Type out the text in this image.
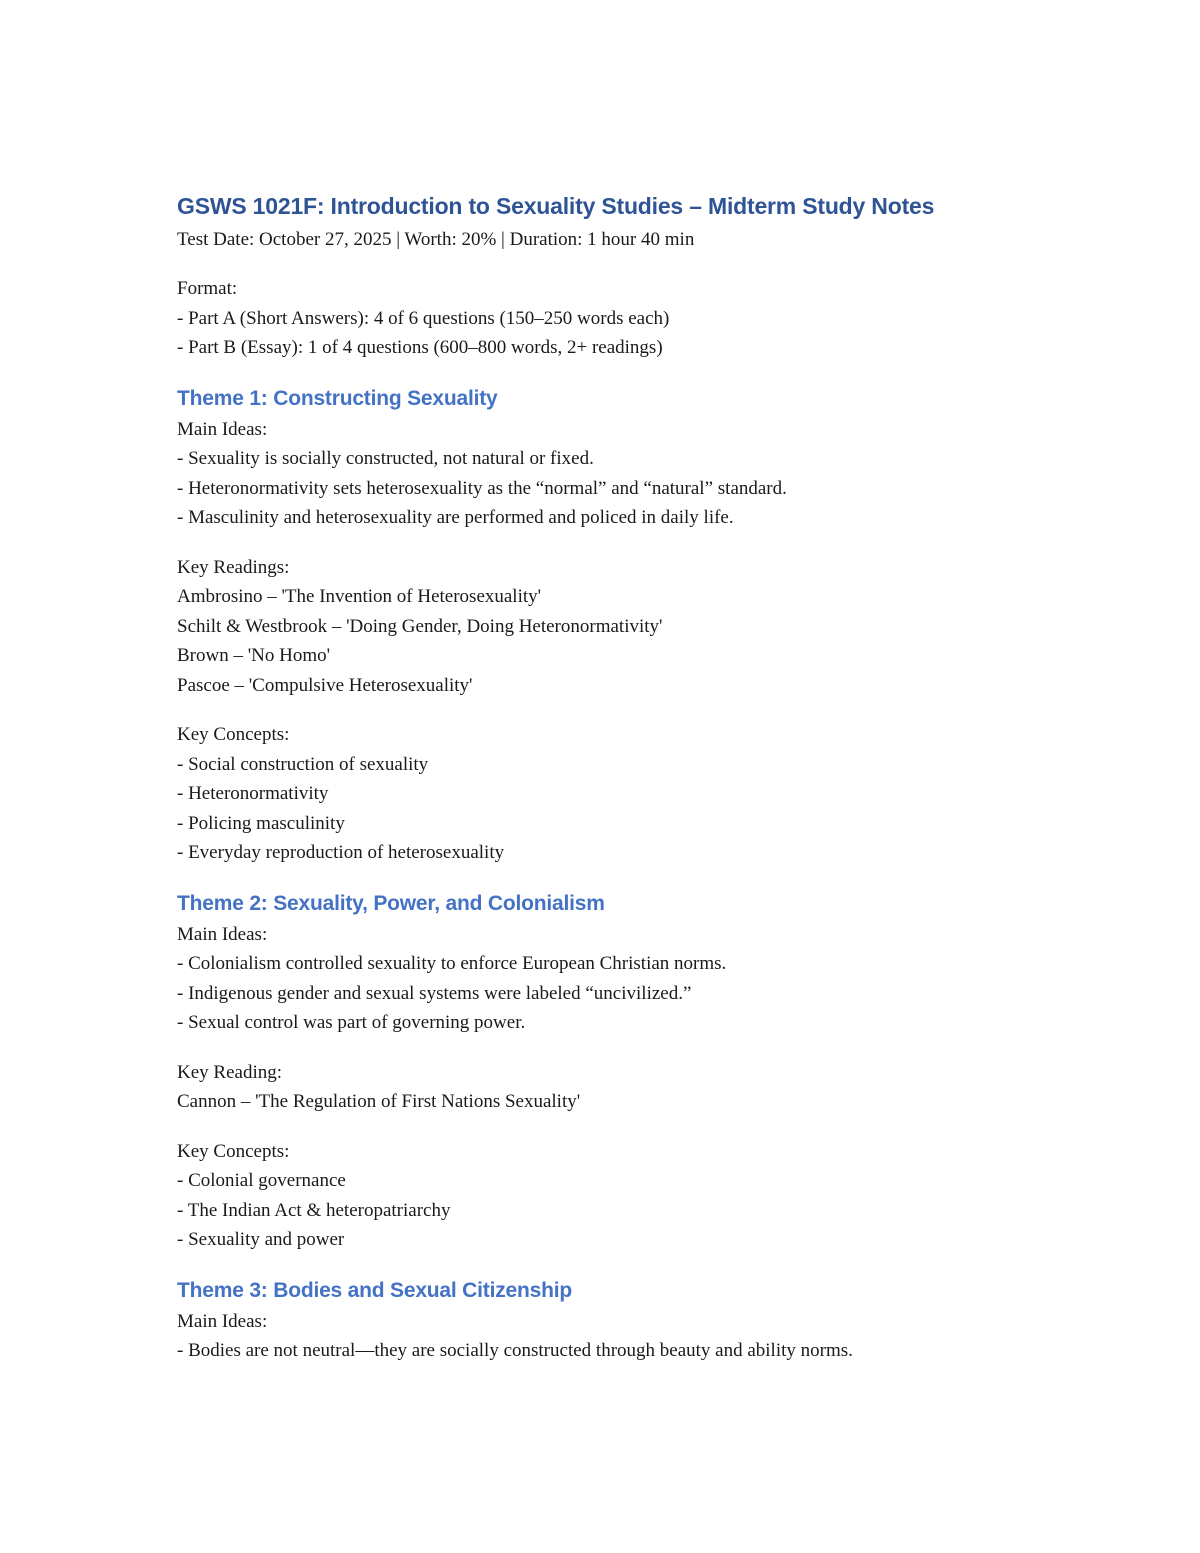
GSWS 1021F: Introduction to Sexuality Studies – Midterm Study Notes

Test Date: October 27, 2025 | Worth: 20% | Duration: 1 hour 40 min

Format:

- Part A (Short Answers): 4 of 6 questions (150–250 words each)

- Part B (Essay): 1 of 4 questions (600–800 words, 2+ readings)

Theme 1: Constructing Sexuality

Main Ideas:

- Sexuality is socially constructed, not natural or fixed.

- Heteronormativity sets heterosexuality as the “normal” and “natural” standard.

- Masculinity and heterosexuality are performed and policed in daily life.

Key Readings:

Ambrosino – 'The Invention of Heterosexuality'

Schilt & Westbrook – 'Doing Gender, Doing Heteronormativity'

Brown – 'No Homo'

Pascoe – 'Compulsive Heterosexuality'

Key Concepts:

- Social construction of sexuality

- Heteronormativity

- Policing masculinity

- Everyday reproduction of heterosexuality

Theme 2: Sexuality, Power, and Colonialism

Main Ideas:

- Colonialism controlled sexuality to enforce European Christian norms.

- Indigenous gender and sexual systems were labeled “uncivilized.”

- Sexual control was part of governing power.

Key Reading:

Cannon – 'The Regulation of First Nations Sexuality'

Key Concepts:

- Colonial governance

- The Indian Act & heteropatriarchy

- Sexuality and power

Theme 3: Bodies and Sexual Citizenship

Main Ideas:

- Bodies are not neutral—they are socially constructed through beauty and ability norms.
